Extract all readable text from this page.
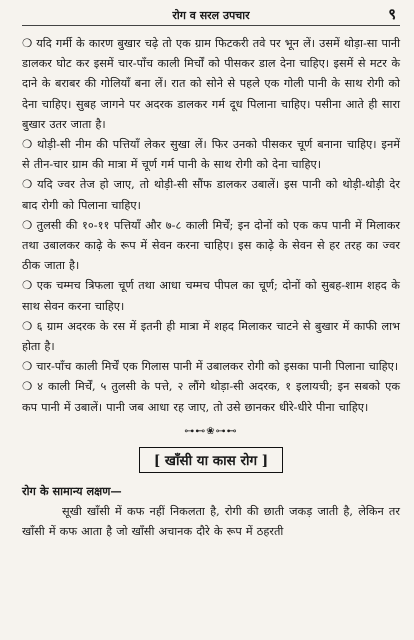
रोग व सरल उपचार	९

❍ यदि गर्मी के कारण बुखार चढ़े तो एक ग्राम फिटकरी तवे पर भून लें। उसमें थोड़ा-सा पानी डालकर घोट कर इसमें चार-पाँच काली मिर्चों को पीसकर डाल देना चाहिए। इसमें से मटर के दाने के बराबर की गोलियाँ बना लें। रात को सोने से पहले एक गोली पानी के साथ रोगी को देना चाहिए। सुबह जागने पर अदरक डालकर गर्म दूध पिलाना चाहिए। पसीना आते ही सारा बुखार उतर जाता है।

❍ थोड़ी-सी नीम की पत्तियाँ लेकर सुखा लें। फिर उनको पीसकर चूर्ण बनाना चाहिए। इनमें से तीन-चार ग्राम की मात्रा में चूर्ण गर्म पानी के साथ रोगी को देना चाहिए।

❍ यदि ज्वर तेज हो जाए, तो थोड़ी-सी सौंफ डालकर उबालें। इस पानी को थोड़ी-थोड़ी देर बाद रोगी को पिलाना चाहिए।

❍ तुलसी की १०-११ पत्तियाँ और ७-८ काली मिर्चें; इन दोनों को एक कप पानी में मिलाकर तथा उबालकर काढ़े के रूप में सेवन करना चाहिए। इस काढ़े के सेवन से हर तरह का ज्वर ठीक जाता है।

❍ एक चम्मच त्रिफला चूर्ण तथा आधा चम्मच पीपल का चूर्ण; दोनों को सुबह-शाम शहद के साथ सेवन करना चाहिए।

❍ ६ ग्राम अदरक के रस में इतनी ही मात्रा में शहद मिलाकर चाटने से बुखार में काफी लाभ होता है।

❍ चार-पाँच काली मिर्चें एक गिलास पानी में उबालकर रोगी को इसका पानी पिलाना चाहिए।

❍ ४ काली मिर्चें, ५ तुलसी के पत्ते, २ लौंगे थोड़ा-सी अदरक, १ इलायची; इन सबको एक कप पानी में उबालें। पानी जब आधा रह जाए, तो उसे छानकर धीरे-धीरे पीना चाहिए।

⊶⊷❀⊶⊷
[ खाँसी या कास रोग ]

रोग के सामान्य लक्षण—

सूखी खाँसी में कफ नहीं निकलता है, रोगी की छाती जकड़ जाती है, लेकिन तर खाँसी में कफ आता है जो खाँसी अचानक दौरे के रूप में ठहरती
